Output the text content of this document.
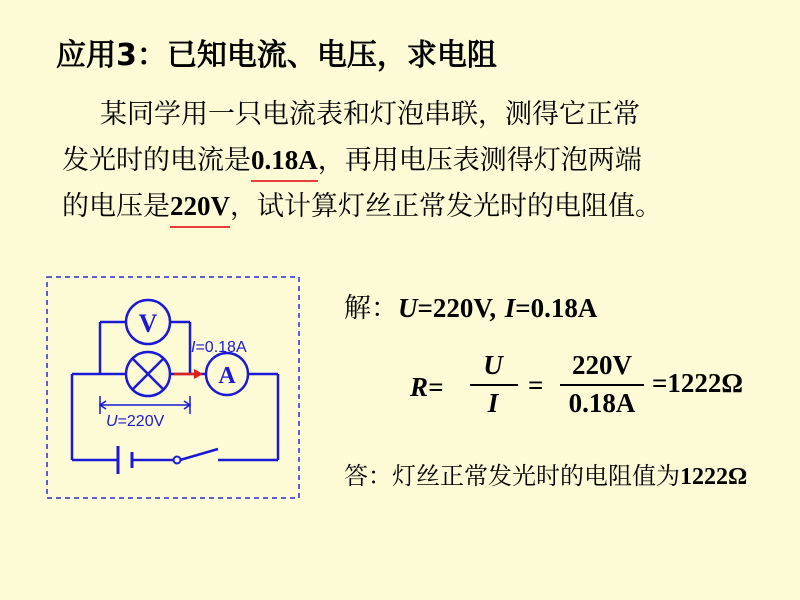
应用3：已知电流、电压，求电阻
某同学用一只电流表和灯泡串联，测得它正常
发光时的电流是0.18A，再用电压表测得灯泡两端
的电压是220V，试计算灯丝正常发光时的电阻值。
V
A
I=0.18A
U=220V
解：U=220V, I=0.18A
R=
U
I
=
220V
0.18A
=1222Ω
答：灯丝正常发光时的电阻值为1222Ω
